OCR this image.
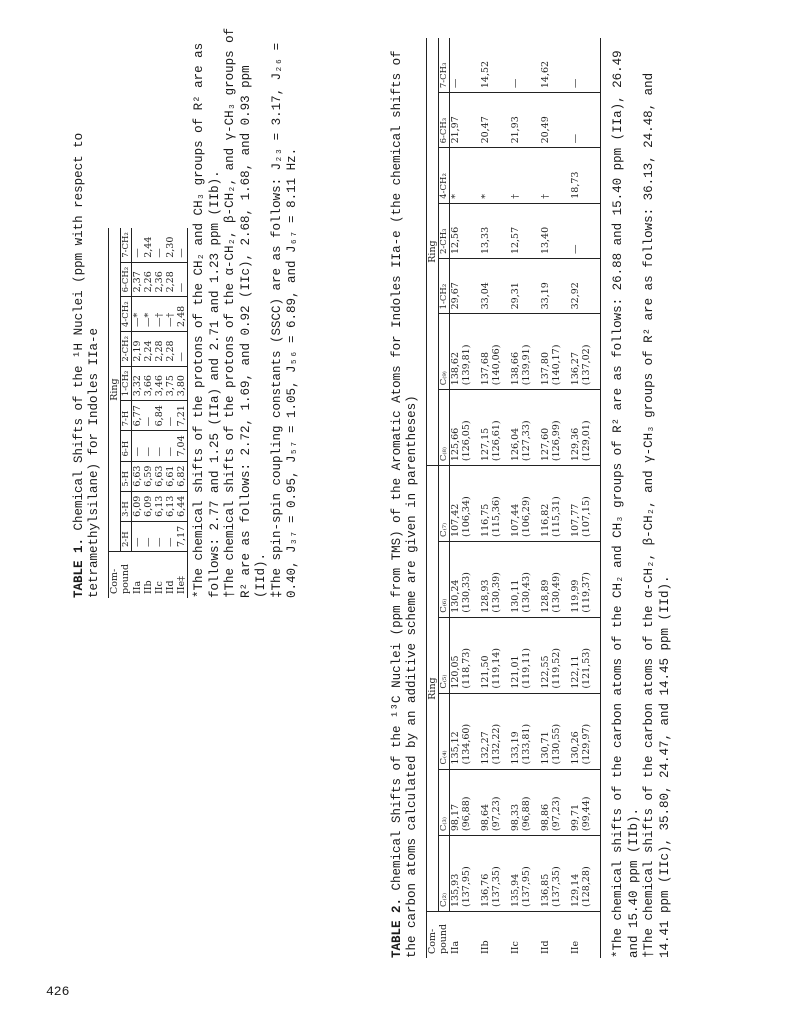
426

TABLE 1. Chemical Shifts of the ¹H Nuclei (ppm with respect to tetramethylsilane) for Indoles IIa-e Com-pound	Ring									
	2-H	3-H	5-H	6-H	7-H	1-CH₂	2-CH₂	4-CH₂	6-CH₂	7-CH₂
IIa	—	6,09	6,63	—	6,77	3,32	2,19	—*	2,37	—
IIb	—	6,09	6,59	—	—	3,66	2,24	—*	2,26	2,44
IIc	—	6,13	6,63	—	6,84	3,46	2,28	—†	2,36	—
IId	—	6,13	6,61	—	—	3,75	2,28	—†	2,28	2,30
IIe‡	7,17	6,44	6,82	7,04	7,21	3,80	—	2,48	—	— *The chemical shifts of the protons of the CH₂ and CH₃ groups of R² are as follows: 2.77 and 1.25 (IIa) and 2.71 and 1.23 ppm (IIb). †The chemical shifts of the protons of the α-CH₂, β-CH₂, and γ-CH₃ groups of R² are as follows: 2.72, 1.69, and 0.92 (IIc), 2.68, 1.68, and 0.93 ppm (IId). ‡The spin-spin coupling constants (SSCC) are as follows: J₂₃ = 3.17, J₂₆ = 0.40, J₃₇ = 0.95, J₅₇ = 1.05, J₅₆ = 6.89, and J₆₇ = 8.11 Hz.

TABLE 2. Chemical Shifts of the ¹³C Nuclei (ppm from TMS) of the Aromatic Atoms for Indoles IIa-e (the chemical shifts of the carbon atoms calculated by an additive scheme are given in parentheses) Com-pound	Ring						Ring						
	C₍₂₎	C₍₃₎	C₍₄₎	C₍₅₎	C₍₆₎	C₍₇₎	C₍₈₎	C₍₉₎	1-CH₂	2-CH₃	4-CH₂	6-CH₃	7-CH₃
IIa	135,93 (137,95)	98,17 (96,88)	135,12 (134,60)	120,05 (118,73)	130,24 (130,33)	107,42 (106,34)	125,66 (126,05)	138,62 (139,81)	29,67	12,56	*	21,97	—

IIb	136,76 (137,35)	98,64 (97,23)	132,27 (132,22)	121,50 (119,14)	128,93 (130,39)	116,75 (115,36)	127,15 (126,61)	137,68 (140,06)	33,04	13,33	*	20,47	14,52

IIc	135,94 (137,95)	98,33 (96,88)	133,19 (133,81)	121,01 (119,11)	130,11 (130,43)	107,44 (106,29)	126,04 (127,33)	138,66 (139,91)	29,31	12,57	†	21,93	—

IId	136,85 (137,35)	98,86 (97,23)	130,71 (130,55)	122,55 (119,52)	128,89 (130,49)	116,82 (115,31)	127,60 (126,99)	137,80 (140,17)	33,19	13,40	†	20,49	14,62

IIe	129,14 (128,28)	99,71 (99,44)	130,26 (129,97)	122,11 (121,53)	119,99 (119,37)	107,77 (107,15)	129,36 (129,01)	136,27 (137,02)	32,92	—	18,73	—	— *The chemical shifts of the carbon atoms of the CH₂ and CH₃ groups of R² are as follows: 26.88 and 15.40 ppm (IIa), 26.49 and 15.40 ppm (IIb). †The chemical shifts of the carbon atoms of the α-CH₂, β-CH₂, and γ-CH₃ groups of R² are as follows: 36.13, 24.48, and 14.41 ppm (IIc), 35.80, 24.47, and 14.45 ppm (IId).
